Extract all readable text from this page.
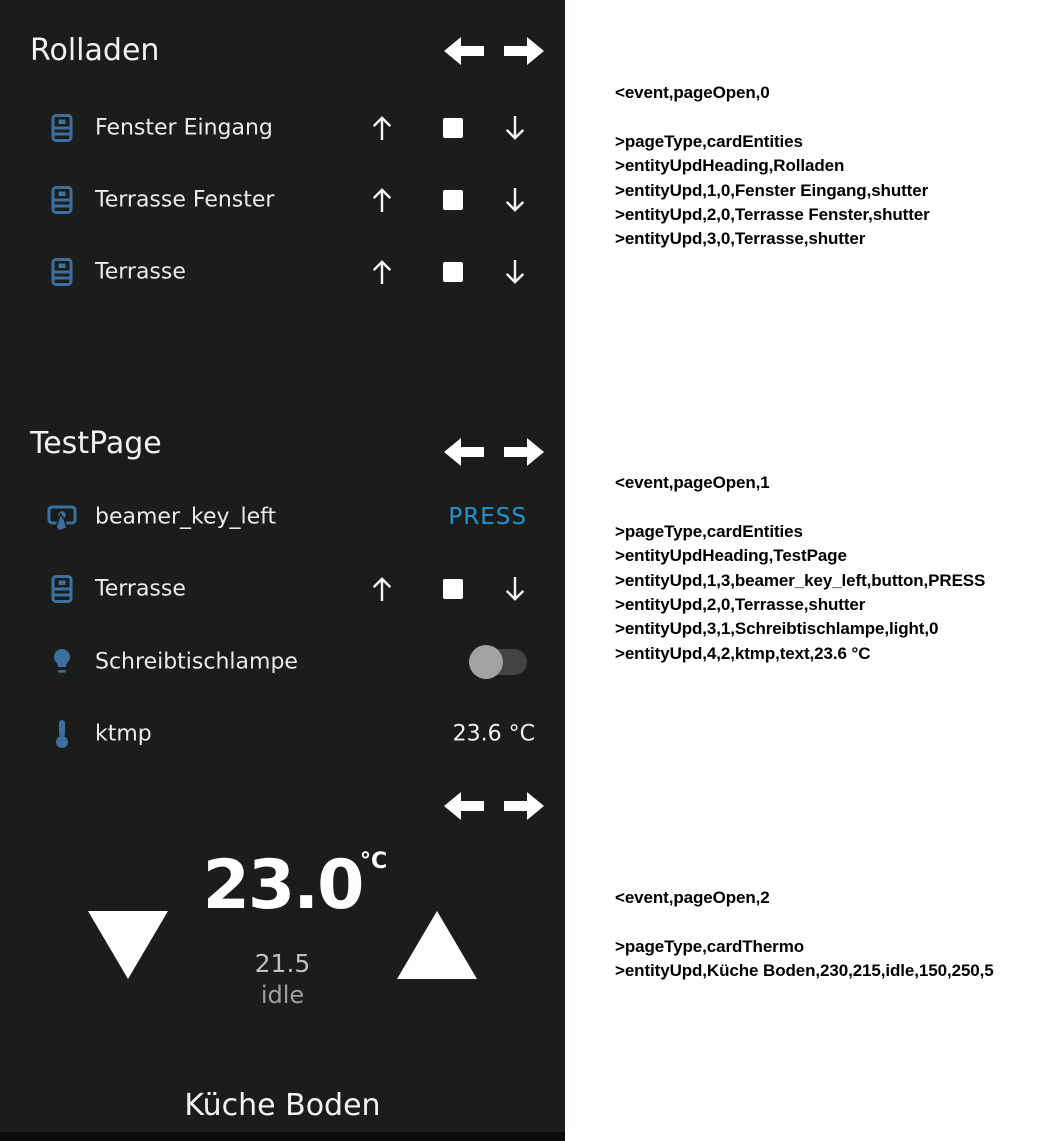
Rolladen
Fenster Eingang
Terrasse Fenster
Terrasse
TestPage
beamer_key_left	PRESS
Terrasse
Schreibtischlampe
ktmp	23.6 °C
23.0
°C
21.5
idle
Küche Boden
<event,pageOpen,0
>pageType,cardEntities
>entityUpdHeading,Rolladen
>entityUpd,1,0,Fenster Eingang,shutter
>entityUpd,2,0,Terrasse Fenster,shutter
>entityUpd,3,0,Terrasse,shutter
<event,pageOpen,1
>pageType,cardEntities
>entityUpdHeading,TestPage
>entityUpd,1,3,beamer_key_left,button,PRESS
>entityUpd,2,0,Terrasse,shutter
>entityUpd,3,1,Schreibtischlampe,light,0
>entityUpd,4,2,ktmp,text,23.6 °C
<event,pageOpen,2
>pageType,cardThermo
>entityUpd,Küche Boden,230,215,idle,150,250,5
